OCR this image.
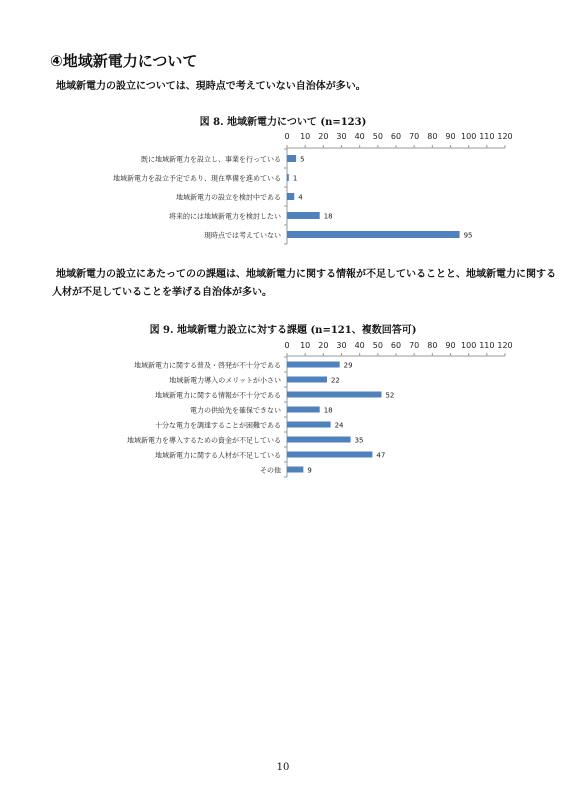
④地域新電力について
地域新電力の設立については、現時点で考えていない自治体が多い。
図 8. 地域新電力について (n=123)
0 10 20 30 40 50 60 70 80 90 100 110 120
既に地域新電力を設立し、事業を行っている	5
地域新電力を設立予定であり、現在準備を進めている 1
地域新電力の設立を検討中である 4
将来的には地域新電力を検討したい	18
現時点では考えていない	95
地域新電力の設立にあたってのの課題は、地域新電力に関する情報が不足していることと、地域新電力に関する
人材が不足していることを挙げる自治体が多い。
図 9. 地域新電力設立に対する課題 (n=121、複数回答可)
0 10 20 30 40 50 60 70 80 90 100 110 120
地域新電力に関する普及・啓発が不十分である	29
地域新電力導入のメリットが小さい	22
地域新電力に関する情報が不十分である	52
電力の供給先を確保できない	18
十分な電力を調達することが困難である	24
地域新電力を導入するための資金が不足している	35
地域新電力に関する人材が不足している	47
その他	9
10
